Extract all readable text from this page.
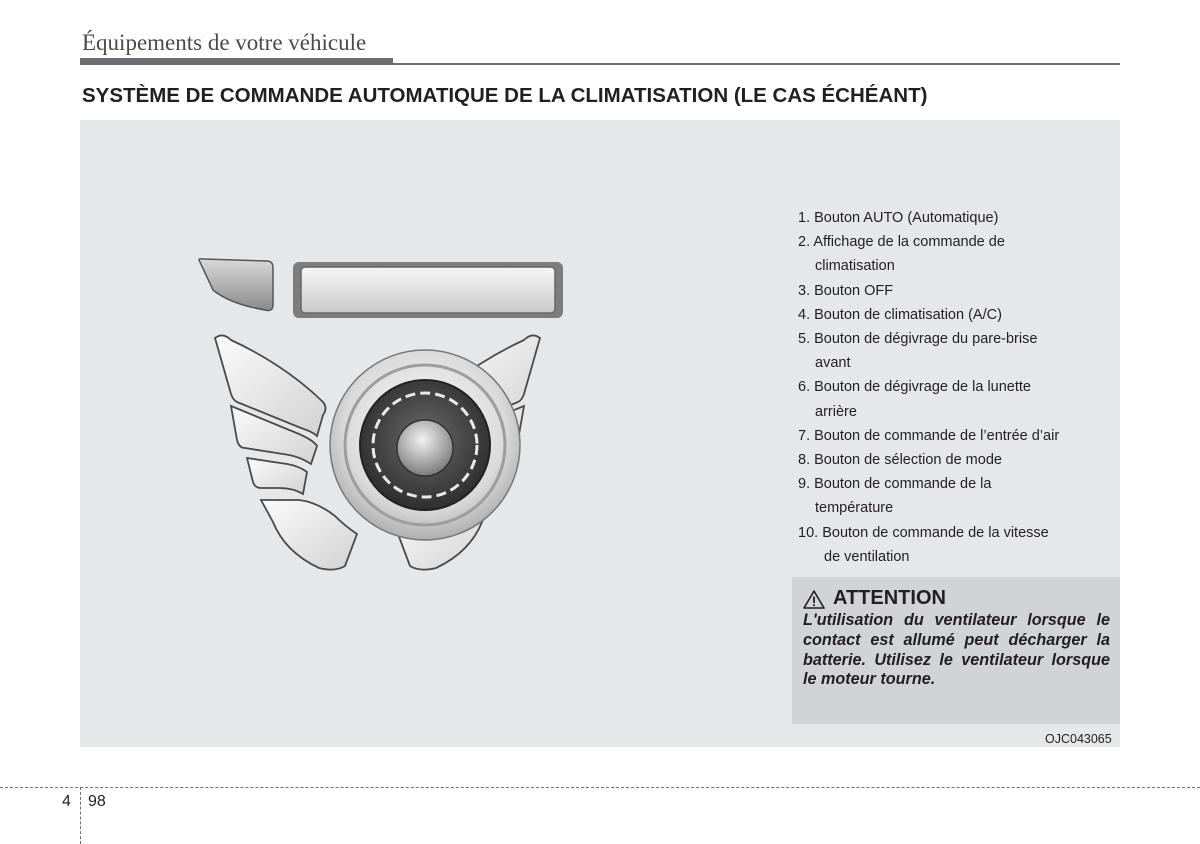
Équipements de votre véhicule
SYSTÈME DE COMMANDE AUTOMATIQUE DE LA CLIMATISATION (LE CAS ÉCHÉANT)
1. Bouton AUTO (Automatique)
2. Affichage de la commande de
climatisation
3. Bouton OFF
4. Bouton de climatisation (A/C)
5. Bouton de dégivrage du pare-brise
avant
6. Bouton de dégivrage de la lunette
arrière
7. Bouton de commande de l’entrée d’air
8. Bouton de sélection de mode
9. Bouton de commande de la
température
10. Bouton de commande de la vitesse
de ventilation
ATTENTION
L'utilisation du ventilateur lorsque le contact est allumé peut décharger la batterie. Utilisez le ventilateur lorsque le moteur tourne.
OJC043065
4 98
